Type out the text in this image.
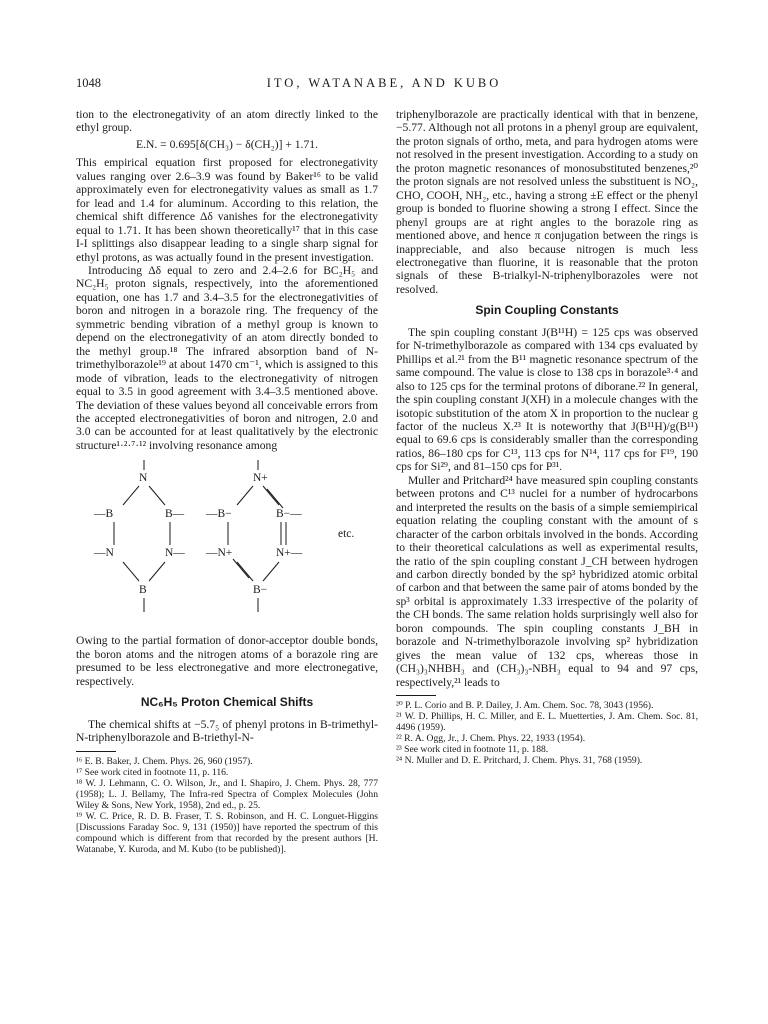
1048	ITO, WATANABE, AND KUBO

tion to the electronegativity of an atom directly linked to the ethyl group.

E.N. = 0.695[δ(CH₃) − δ(CH₂)] + 1.71.

This empirical equation first proposed for electronegativity values ranging over 2.6–3.9 was found by Baker¹⁶ to be valid approximately even for electronegativity values as small as 1.7 for lead and 1.4 for aluminum. According to this relation, the chemical shift difference Δδ vanishes for the electronegativity equal to 1.71. It has been shown theoretically¹⁷ that in this case I-I splittings also disappear leading to a single sharp signal for ethyl protons, as was actually found in the present investigation.

Introducing Δδ equal to zero and 2.4–2.6 for BC₂H₅ and NC₂H₅ proton signals, respectively, into the aforementioned equation, one has 1.7 and 3.4–3.5 for the electronegativities of boron and nitrogen in a borazole ring. The frequency of the symmetric bending vibration of a methyl group is known to depend on the electronegativity of an atom directly bonded to the methyl group.¹⁸ The infrared absorption band of N-trimethylborazole¹⁹ at about 1470 cm⁻¹, which is assigned to this mode of vibration, leads to the electronegativity of nitrogen equal to 3.5 in good agreement with 3.4–3.5 mentioned above. The deviation of these values beyond all conceivable errors from the accepted electronegativities of boron and nitrogen, 2.0 and 3.0 can be accounted for at least qualitatively by the electronic structure¹·²·⁷·¹² involving resonance among

N
—B	B—
—N	N—
B
N+
—B−	B−—
—N+	N+—
B−
etc.

Owing to the partial formation of donor-acceptor double bonds, the boron atoms and the nitrogen atoms of a borazole ring are presumed to be less electronegative and more electronegative, respectively.

NC₆H₅ Proton Chemical Shifts

The chemical shifts at −5.7₅ of phenyl protons in B-trimethyl-N-triphenylborazole and B-triethyl-N-

¹⁶ E. B. Baker, J. Chem. Phys. 26, 960 (1957).

¹⁷ See work cited in footnote 11, p. 116.

¹⁸ W. J. Lehmann, C. O. Wilson, Jr., and I. Shapiro, J. Chem. Phys. 28, 777 (1958); L. J. Bellamy, The Infra-red Spectra of Complex Molecules (John Wiley & Sons, New York, 1958), 2nd ed., p. 25.

¹⁹ W. C. Price, R. D. B. Fraser, T. S. Robinson, and H. C. Longuet-Higgins [Discussions Faraday Soc. 9, 131 (1950)] have reported the spectrum of this compound which is different from that recorded by the present authors [H. Watanabe, Y. Kuroda, and M. Kubo (to be published)].

triphenylborazole are practically identical with that in benzene, −5.77. Although not all protons in a phenyl group are equivalent, the proton signals of ortho, meta, and para hydrogen atoms were not resolved in the present investigation. According to a study on the proton magnetic resonances of monosubstituted benzenes,²⁰ the proton signals are not resolved unless the substituent is NO₂, CHO, COOH, NH₂, etc., having a strong ±E effect or the phenyl group is bonded to fluorine showing a strong I effect. Since the phenyl groups are at right angles to the borazole ring as mentioned above, and hence π conjugation between the rings is inappreciable, and also because nitrogen is much less electronegative than fluorine, it is reasonable that the proton signals of these B-trialkyl-N-triphenylborazoles were not resolved.

Spin Coupling Constants

The spin coupling constant J(B¹¹H) = 125 cps was observed for N-trimethylborazole as compared with 134 cps evaluated by Phillips et al.²¹ from the B¹¹ magnetic resonance spectrum of the same compound. The value is close to 138 cps in borazole³·⁴ and also to 125 cps for the terminal protons of diborane.²² In general, the spin coupling constant J(XH) in a molecule changes with the isotopic substitution of the atom X in proportion to the nuclear g factor of the nucleus X.²³ It is noteworthy that J(B¹¹H)/g(B¹¹) equal to 69.6 cps is considerably smaller than the corresponding ratios, 86–180 cps for C¹³, 113 cps for N¹⁴, 117 cps for F¹⁹, 190 cps for Si²⁹, and 81–150 cps for P³¹.

Muller and Pritchard²⁴ have measured spin coupling constants between protons and C¹³ nuclei for a number of hydrocarbons and interpreted the results on the basis of a simple semiempirical equation relating the coupling constant with the amount of s character of the carbon orbitals involved in the bonds. According to their theoretical calculations as well as experimental results, the ratio of the spin coupling constant J_CH between hydrogen and carbon directly bonded by the sp³ hybridized atomic orbital of carbon and that between the same pair of atoms bonded by the sp³ orbital is approximately 1.33 irrespective of the polarity of the CH bonds. The same relation holds surprisingly well also for boron compounds. The spin coupling constants J_BH in borazole and N-trimethylborazole involving sp² hybridization gives the mean value of 132 cps, whereas those in (CH₃)₃NHBH₃ and (CH₃)₃-NBH₃ equal to 94 and 97 cps, respectively,²¹ leads to

²⁰ P. L. Corio and B. P. Dailey, J. Am. Chem. Soc. 78, 3043 (1956).

²¹ W. D. Phillips, H. C. Miller, and E. L. Muetterties, J. Am. Chem. Soc. 81, 4496 (1959).

²² R. A. Ogg, Jr., J. Chem. Phys. 22, 1933 (1954).

²³ See work cited in footnote 11, p. 188.

²⁴ N. Muller and D. E. Pritchard, J. Chem. Phys. 31, 768 (1959).
